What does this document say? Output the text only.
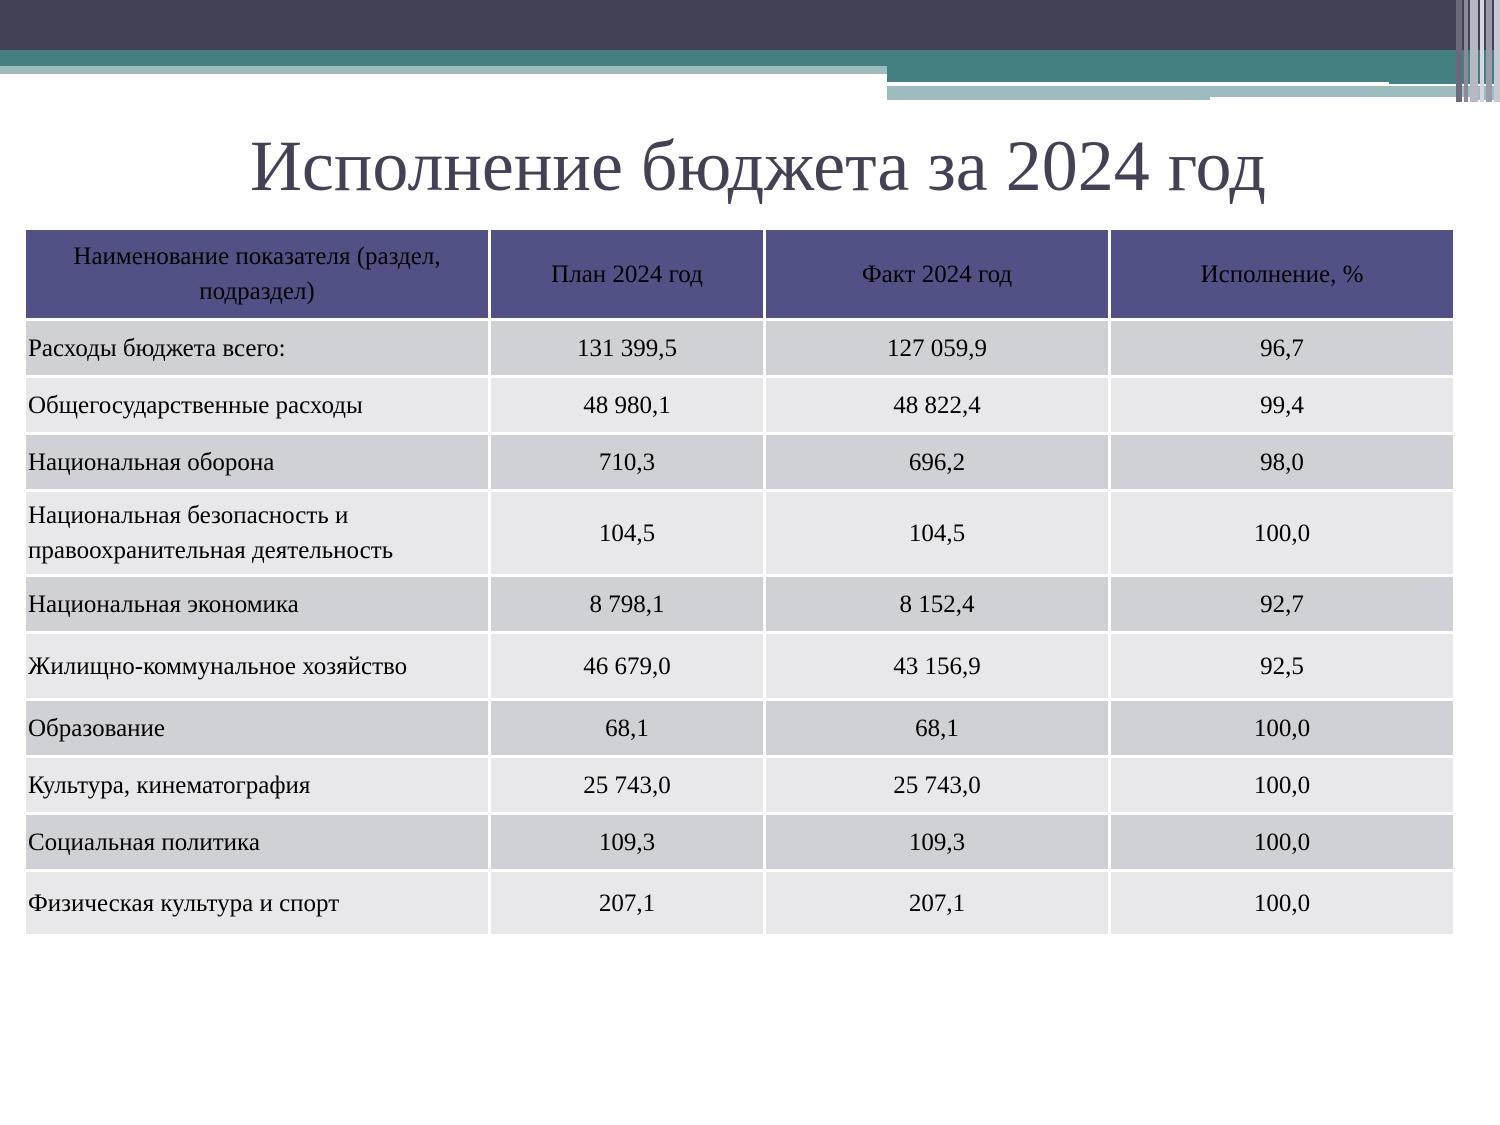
Исполнение бюджета за 2024 год
Наименование показателя (раздел, подраздел)	План 2024 год	Факт 2024 год	Исполнение, %
Расходы бюджета всего:	131 399,5	127 059,9	96,7
Общегосударственные расходы	48 980,1	48 822,4	99,4
Национальная оборона	710,3	696,2	98,0
Национальная безопасность и правоохранительная деятельность	104,5	104,5	100,0
Национальная экономика	8 798,1	8 152,4	92,7
Жилищно-коммунальное хозяйство	46 679,0	43 156,9	92,5
Образование	68,1	68,1	100,0
Культура, кинематография	25 743,0	25 743,0	100,0
Социальная политика	109,3	109,3	100,0
Физическая культура и спорт	207,1	207,1	100,0
